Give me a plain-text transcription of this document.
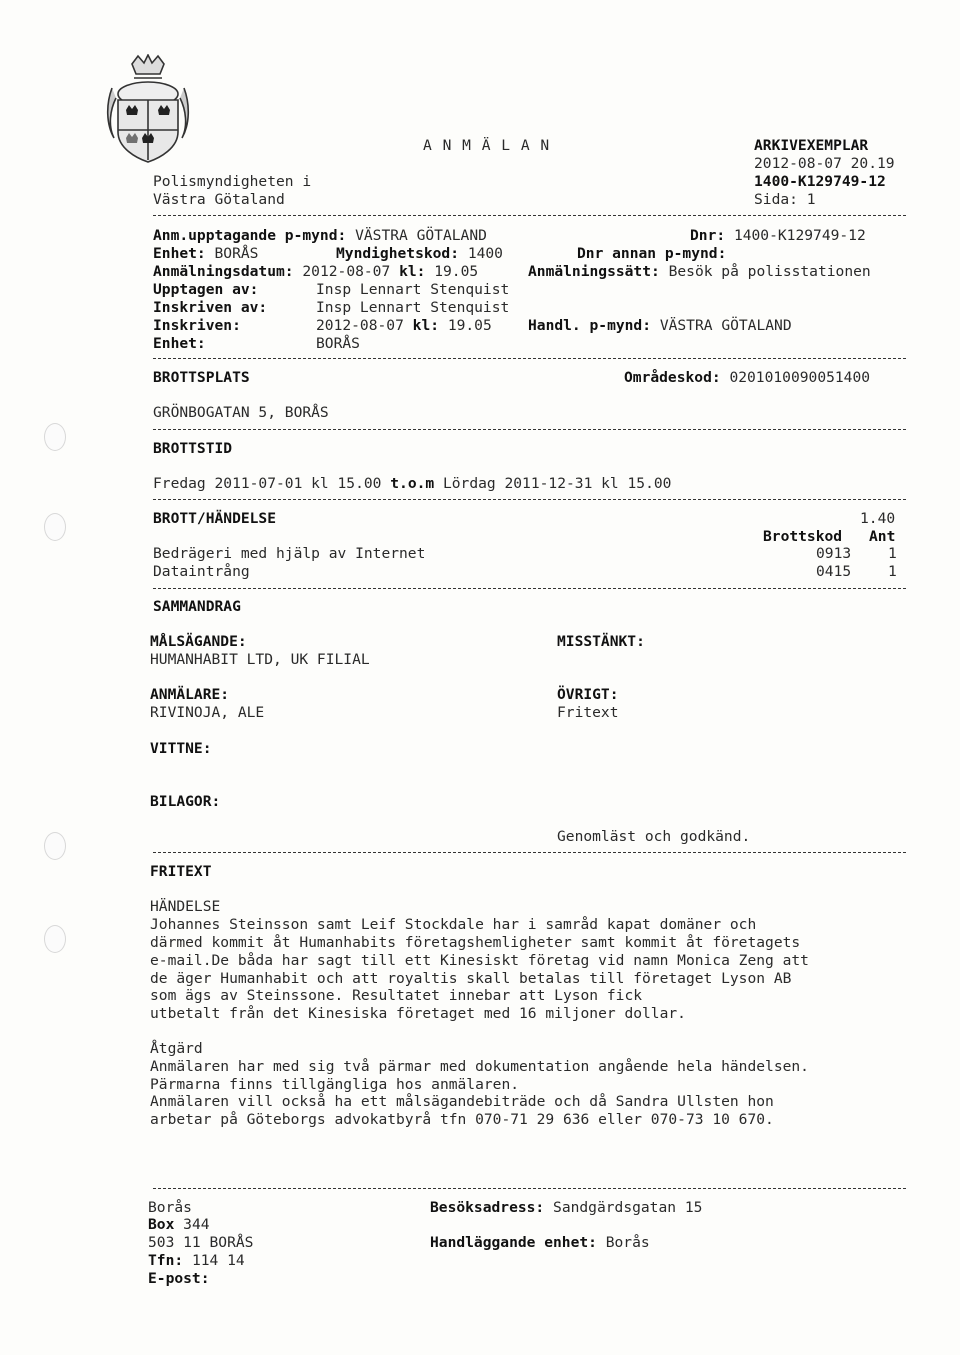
A N M Ä L A N	ARKIVEXEMPLAR
2012-08-07 20.19
Polismyndigheten i	1400-K129749-12
Västra Götaland	Sida: 1
Anm.upptagande p-mynd: VÄSTRA GÖTALAND	Dnr: 1400-K129749-12
Enhet: BORÅS	Myndighetskod: 1400	Dnr annan p-mynd:
Anmälningsdatum: 2012-08-07 kl: 19.05	Anmälningssätt: Besök på polisstationen
Upptagen av:	Insp Lennart Stenquist
Inskriven av:	Insp Lennart Stenquist
Inskriven:	2012-08-07 kl: 19.05 Handl. p-mynd: VÄSTRA GÖTALAND
Enhet:	BORÅS
BROTTSPLATS	Områdeskod: 0201010090051400
GRÖNBOGATAN 5, BORÅS
BROTTSTID
Fredag 2011-07-01 kl 15.00 t.o.m Lördag 2011-12-31 kl 15.00
BROTT/HÄNDELSE	1.40
Brottskod Ant
Bedrägeri med hjälp av Internet	0913	1
Dataintrång	0415	1
SAMMANDRAG
MÅLSÄGANDE:	MISSTÄNKT:
HUMANHABIT LTD, UK FILIAL
ANMÄLARE:	ÖVRIGT:
RIVINOJA, ALE	Fritext
VITTNE:
BILAGOR:
Genomläst och godkänd.
FRITEXT
HÄNDELSE
Johannes Steinsson samt Leif Stockdale har i samråd kapat domäner och
därmed kommit åt Humanhabits företagshemligheter samt kommit åt företagets
e-mail.De båda har sagt till ett Kinesiskt företag vid namn Monica Zeng att
de äger Humanhabit och att royaltis skall betalas till företaget Lyson AB
som ägs av Steinssone. Resultatet innebar att Lyson fick
utbetalt från det Kinesiska företaget med 16 miljoner dollar.
Åtgärd
Anmälaren har med sig två pärmar med dokumentation angående hela händelsen.
Pärmarna finns tillgängliga hos anmälaren.
Anmälaren vill också ha ett målsägandebiträde och då Sandra Ullsten hon
arbetar på Göteborgs advokatbyrå tfn 070-71 29 636 eller 070-73 10 670.
Borås	Besöksadress: Sandgärdsgatan 15
Box 344
503 11 BORÅS	Handläggande enhet: Borås
Tfn: 114 14
E-post:
